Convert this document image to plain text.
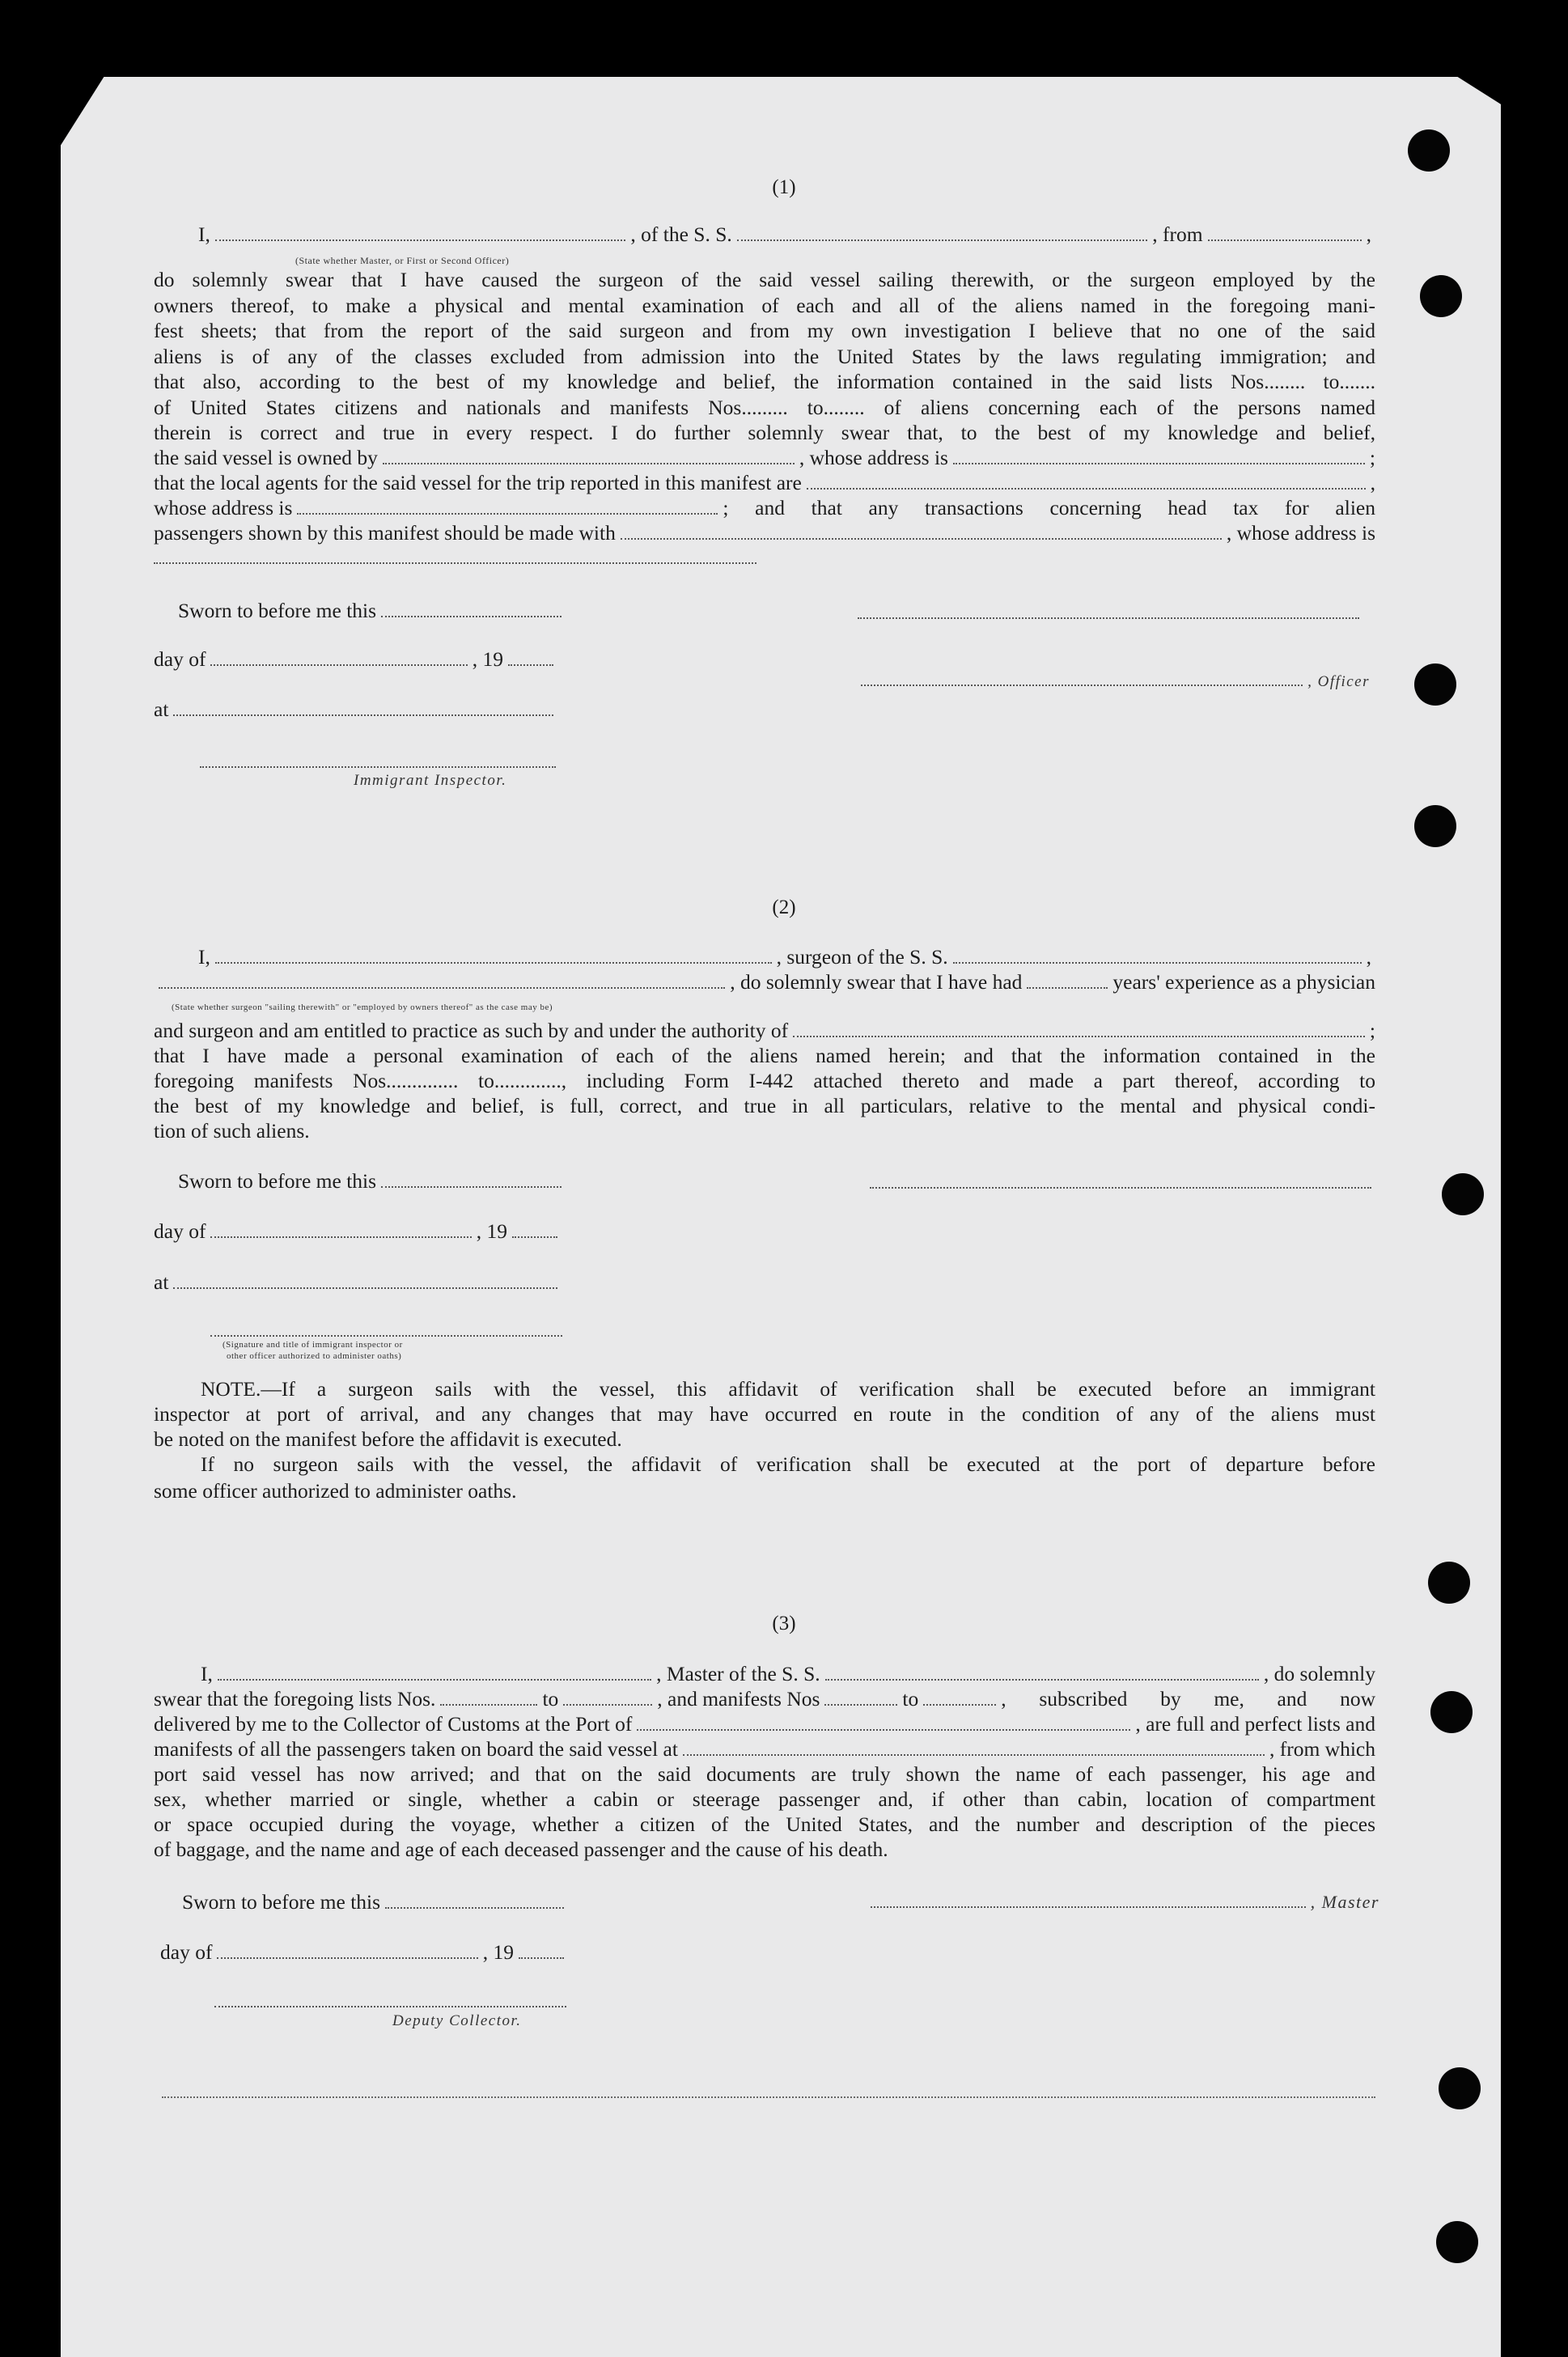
(1)
I,	, of the S. S.	, from	,
(State whether Master, or First or Second Officer)
do solemnly swear that I have caused the surgeon of the said vessel sailing therewith, or the surgeon employed by the
owners thereof, to make a physical and mental examination of each and all of the aliens named in the foregoing mani-
fest sheets; that from the report of the said surgeon and from my own investigation I believe that no one of the said
aliens is of any of the classes excluded from admission into the United States by the laws regulating immigration; and
that also, according to the best of my knowledge and belief, the information contained in the said lists Nos........ to.......
of United States citizens and nationals and manifests Nos......... to........ of aliens concerning each of the persons named
therein is correct and true in every respect. I do further solemnly swear that, to the best of my knowledge and belief,
the said vessel is owned by	, whose address is	;
that the local agents for the said vessel for the trip reported in this manifest are	,
whose address is	; and that any transactions concerning head tax for alien
passengers shown by this manifest should be made with	, whose address is
Sworn to before me this
day of	, 19
, Officer
at
Immigrant Inspector.
(2)
I,	, surgeon of the S. S.	,
, do solemnly swear that I have had	years' experience as a physician
(State whether surgeon "sailing therewith" or "employed by owners thereof" as the case may be)
and surgeon and am entitled to practice as such by and under the authority of	;
that I have made a personal examination of each of the aliens named herein; and that the information contained in the
foregoing manifests Nos.............. to............., including Form I-442 attached thereto and made a part thereof, according to
the best of my knowledge and belief, is full, correct, and true in all particulars, relative to the mental and physical condi-
tion of such aliens.
Sworn to before me this
day of	, 19
at
(Signature and title of immigrant inspector or
other officer authorized to administer oaths)
NOTE.—If a surgeon sails with the vessel, this affidavit of verification shall be executed before an immigrant
inspector at port of arrival, and any changes that may have occurred en route in the condition of any of the aliens must
be noted on the manifest before the affidavit is executed.
If no surgeon sails with the vessel, the affidavit of verification shall be executed at the port of departure before
some officer authorized to administer oaths.
(3)
I,	, Master of the S. S.	, do solemnly
swear that the foregoing lists Nos.	to	, and manifests Nos	to	, subscribed by me, and now
delivered by me to the Collector of Customs at the Port of	, are full and perfect lists and
manifests of all the passengers taken on board the said vessel at	, from which
port said vessel has now arrived; and that on the said documents are truly shown the name of each passenger, his age and
sex, whether married or single, whether a cabin or steerage passenger and, if other than cabin, location of compartment
or space occupied during the voyage, whether a citizen of the United States, and the number and description of the pieces
of baggage, and the name and age of each deceased passenger and the cause of his death.
Sworn to before me this	, Master
day of	, 19
Deputy Collector.
